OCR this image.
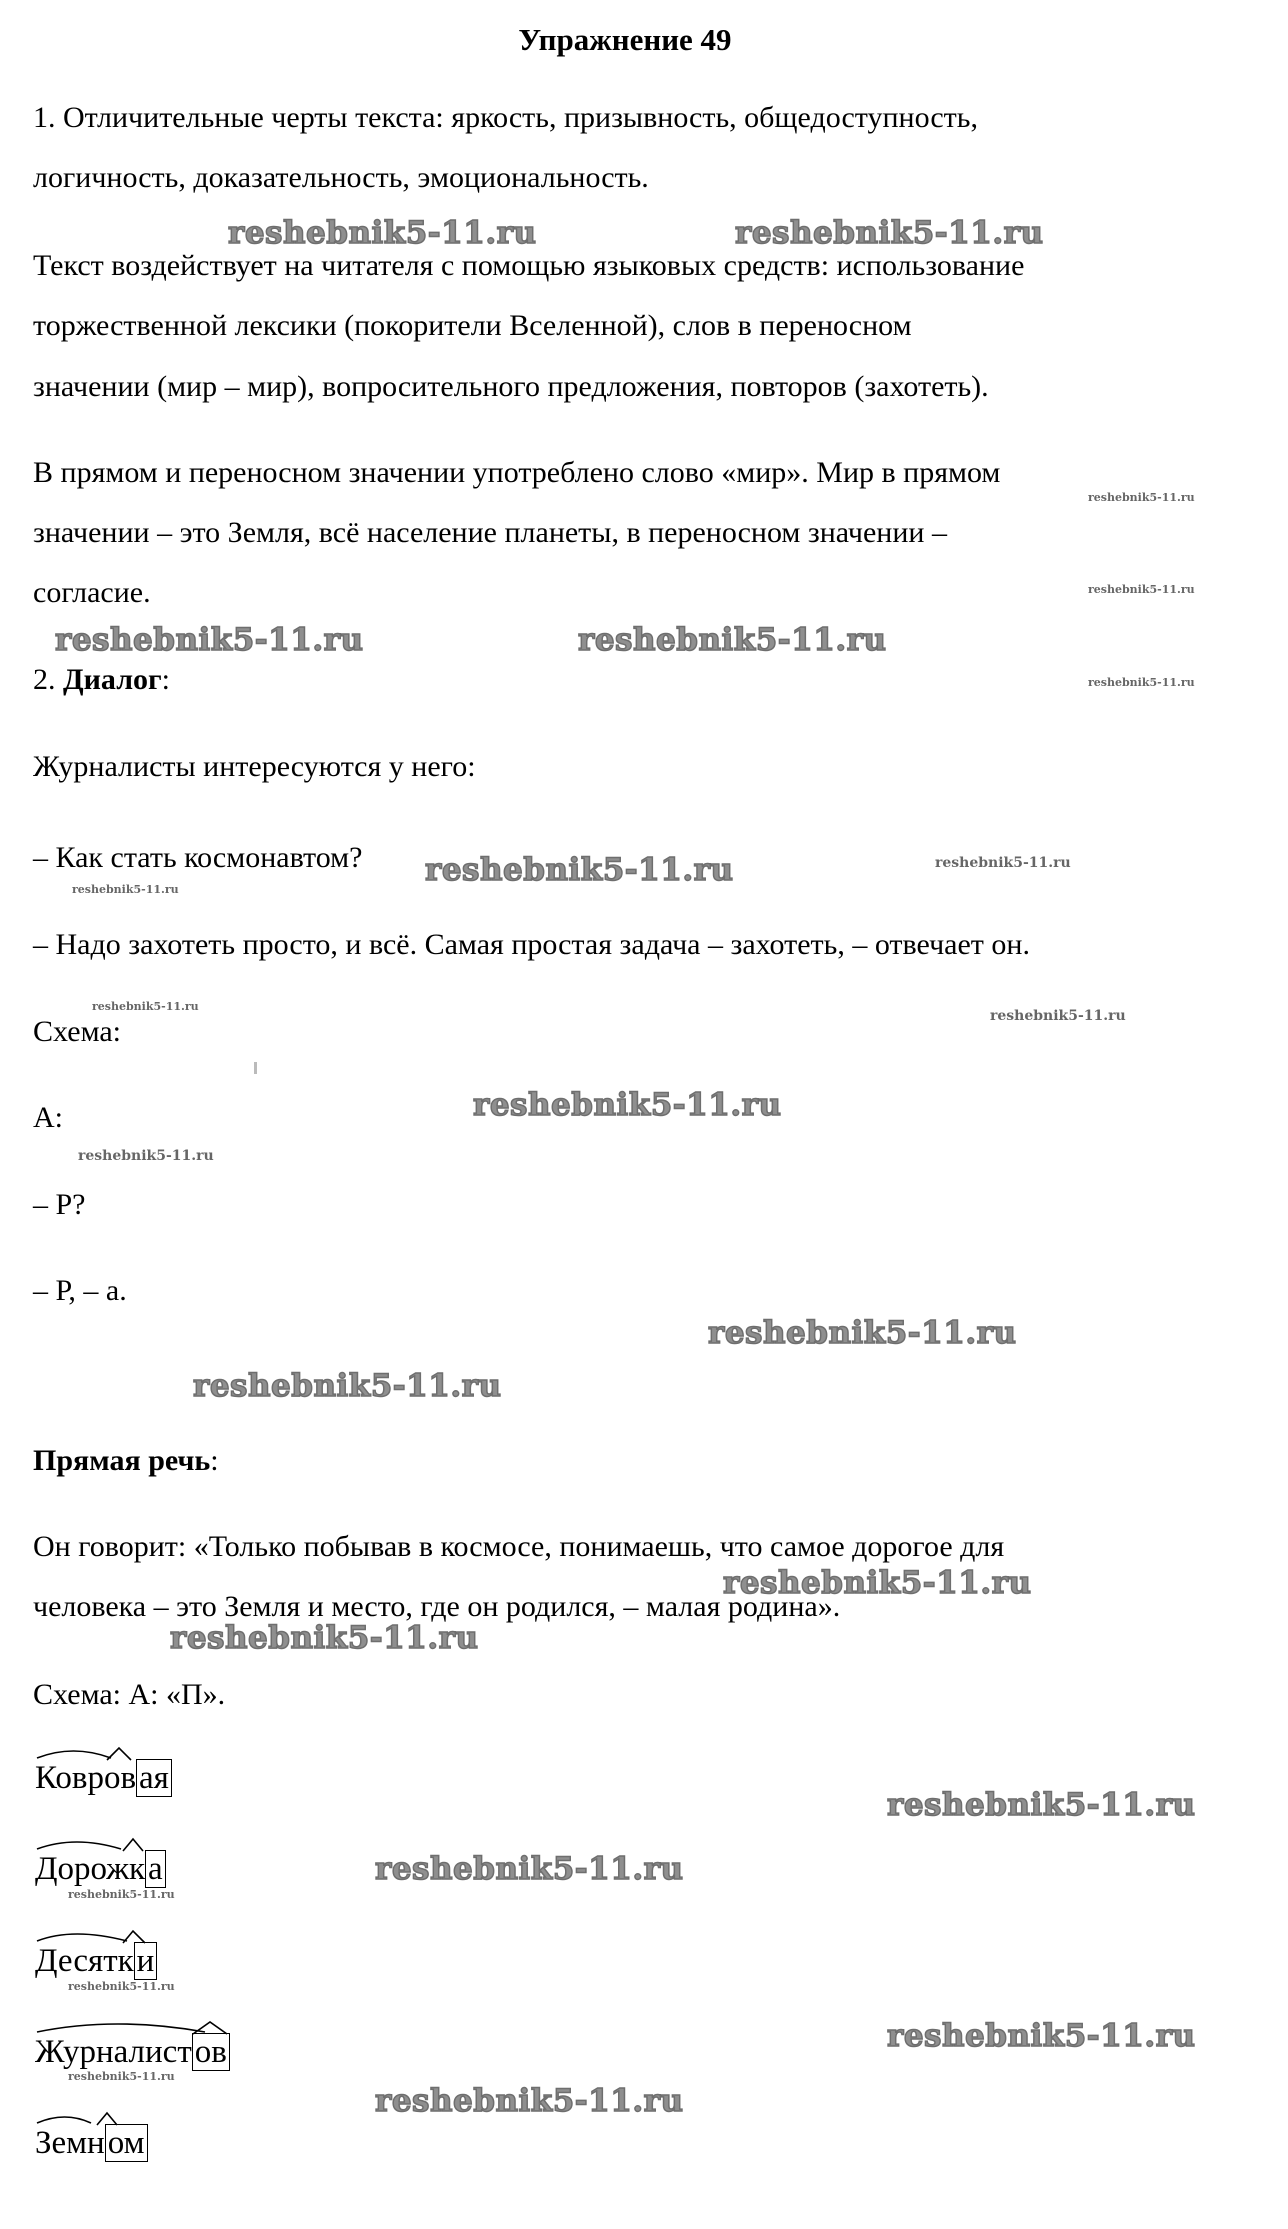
Упражнение 49
1. Отличительные черты текста: яркость, призывность, общедоступность,
логичность, доказательность, эмоциональность.
Текст воздействует на читателя с помощью языковых средств: использование
торжественной лексики (покорители Вселенной), слов в переносном
значении (мир – мир), вопросительного предложения, повторов (захотеть).
В прямом и переносном значении употреблено слово «мир». Мир в прямом
значении – это Земля, всё население планеты, в переносном значении –
согласие.
2. Диалог:
Журналисты интересуются у него:
– Как стать космонавтом?
– Надо захотеть просто, и всё. Самая простая задача – захотеть, – отвечает он.
Схема:
А:
– Р?
– Р, – а.
Прямая речь:
Он говорит: «Только побывав в космосе, понимаешь, что самое дорогое для
человека – это Земля и место, где он родился, – малая родина».
Схема: А: «П».
Ковровая
Дорожка
Десятки
Журналистов
Земном
reshebnik5-11.ru	reshebnik5-11.ru
reshebnik5-11.ru	reshebnik5-11.ru
reshebnik5-11.ru
reshebnik5-11.ru
reshebnik5-11.ru
reshebnik5-11.ru
reshebnik5-11.ru
reshebnik5-11.ru
reshebnik5-11.ru
reshebnik5-11.ru
reshebnik5-11.ru
reshebnik5-11.ru
reshebnik5-11.ru
reshebnik5-11.ru
reshebnik5-11.ru
reshebnik5-11.ru
reshebnik5-11.ru
reshebnik5-11.ru
reshebnik5-11.ru
reshebnik5-11.ru
reshebnik5-11.ru
reshebnik5-11.ru
reshebnik5-11.ru
